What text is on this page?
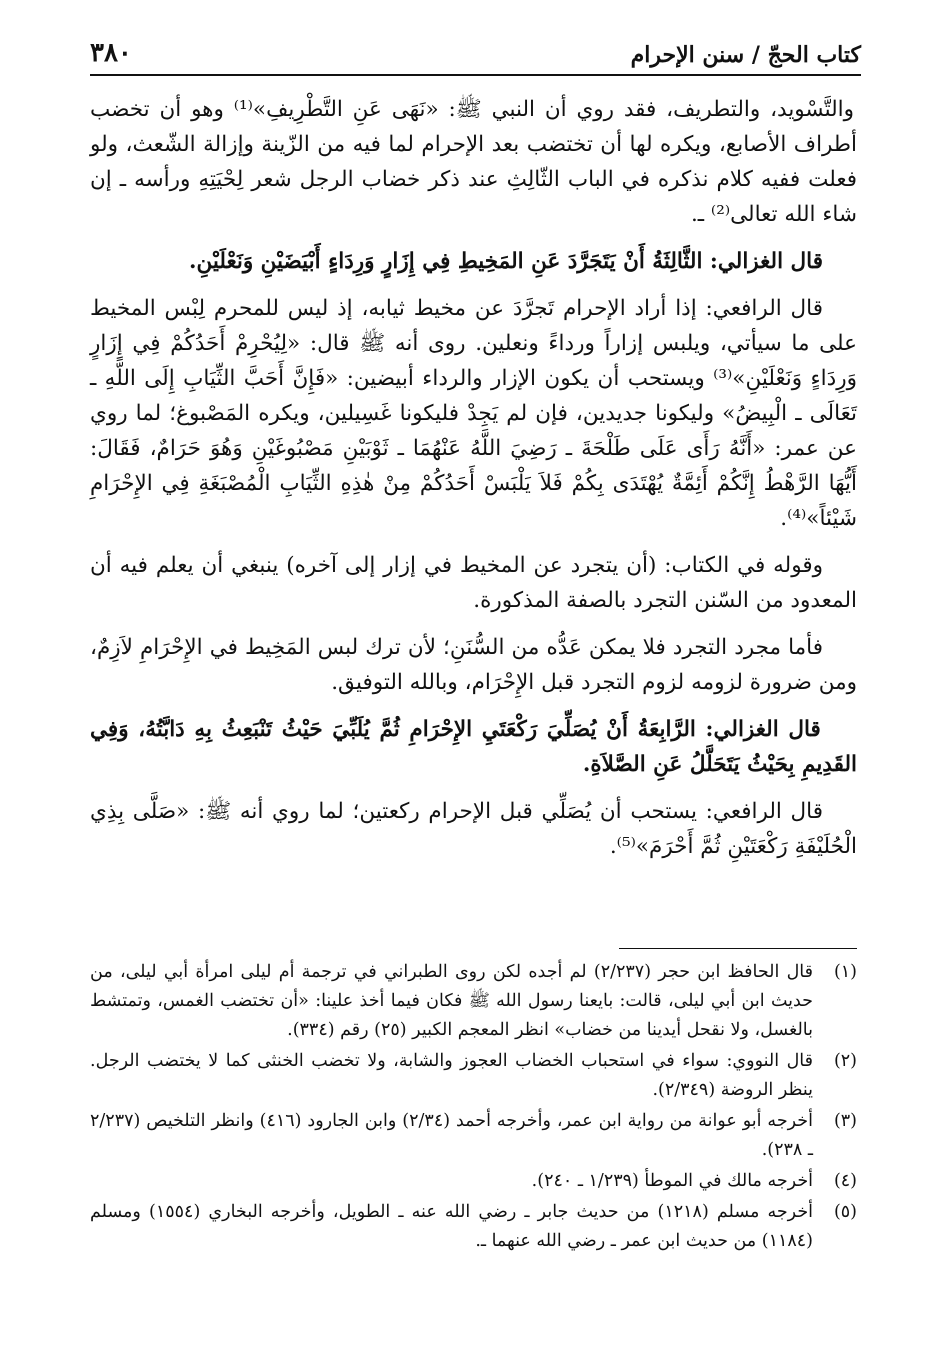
كتاب الحجّ / سنن الإحرام
٣٨٠

والتَّسْويد، والتطريف، فقد روي أن النبي ﷺ: «نَهَى عَنِ التَّطْرِيفِ»⁽¹⁾ وهو أن تخضب أطراف الأصابع، ويكره لها أن تختضب بعد الإحرام لما فيه من الزّينة وإزالة الشّعث، ولو فعلت ففيه كلام نذكره في الباب الثّالِثِ عند ذكر خضاب الرجل شعر لِحْيَتِهِ ورأسه ـ إن شاء الله تعالى⁽²⁾ ـ.

قال الغزالي: الثَّالِثَةُ أَنْ يَتَجَرَّدَ عَنِ المَخِيطِ فِي إِزَارٍ وَرِدَاءٍ أَبْيَضَيْنِ وَنَعْلَيْنِ.

قال الرافعي: إذا أراد الإحرام تَجرَّدَ عن مخيط ثيابه، إذ ليس للمحرم لِبْس المخيط على ما سيأتي، ويلبس إزاراً ورداءً ونعلين. روى أنه ﷺ قال: «لِيُحْرِمْ أَحَدُكُمْ فِي إِزَارٍ وَرِدَاءٍ وَنَعْلَيْنِ»⁽³⁾ ويستحب أن يكون الإزار والرداء أبيضين: «فَإِنَّ أَحَبَّ الثِّيَابِ إِلَى اللَّهِ ـ تَعَالَى ـ الْبِيضُ» وليكونا جديدين، فإن لم يَجِدْ فليكونا غَسِيلين، ويكره المَصْبوغ؛ لما روي عن عمر: «أَنَّهُ رَأَى عَلَى طَلْحَةَ ـ رَضِيَ اللَّهُ عَنْهُمَا ـ ثَوْبَيْنِ مَصْبُوغَيْنِ وَهُوَ حَرَامٌ، فَقَالَ: أَيُّهَا الرَّهْطُ إِنَّكُمْ أَئِمَّةٌ يُهْتَدَى بِكُمْ فَلاَ يَلْبَسْ أَحَدُكُمْ مِنْ هٰذِهِ الثِّيَابِ الْمُصْبَغَةِ فِي الإِحْرَامِ شَيْئاً»⁽⁴⁾.

وقوله في الكتاب: (أن يتجرد عن المخيط في إزار إلى آخره) ينبغي أن يعلم فيه أن المعدود من السّنن التجرد بالصفة المذكورة.

فأما مجرد التجرد فلا يمكن عَدُّه من السُّنَنِ؛ لأن ترك لبس المَخِيط في الإِحْرَامِ لاَزِمٌ، ومن ضرورة لزومه لزوم التجرد قبل الإِحْرَام، وبالله التوفيق.

قال الغزالي: الرَّابِعَةُ أَنْ يُصَلِّيَ رَكْعَتَيِ الإِحْرَامِ ثُمَّ يُلَبِّيَ حَيْثُ تَنْبَعِثُ بِهِ دَابَّتُهُ، وَفِي القَدِيمِ بِحَيْثُ يَتَحَلَّلُ عَنِ الصَّلاَةِ.

قال الرافعي: يستحب أن يُصَلِّي قبل الإحرام ركعتين؛ لما روي أنه ﷺ: «صَلَّى بِذِي الْحُلَيْفَةِ رَكْعَتَيْنِ ثُمَّ أَحْرَمَ»⁽⁵⁾.

(١)
قال الحافظ ابن حجر (٢/٢٣٧) لم أجده لكن روى الطبراني في ترجمة أم ليلى امرأة أبي ليلى، من حديث ابن أبي ليلى، قالت: بايعنا رسول الله ﷺ فكان فيما أخذ علينا: «أن تختضب الغمس، وتمتشط بالغسل، ولا نقحل أيدينا من خضاب» انظر المعجم الكبير (٢٥) رقم (٣٣٤).
(٢)
قال النووي: سواء في استحباب الخضاب العجوز والشابة، ولا تخضب الخنثى كما لا يختضب الرجل. ينظر الروضة (٢/٣٤٩).
(٣)
أخرجه أبو عوانة من رواية ابن عمر، وأخرجه أحمد (٢/٣٤) وابن الجارود (٤١٦) وانظر التلخيص (٢/٢٣٧ ـ ٢٣٨).
(٤)
أخرجه مالك في الموطأ (١/٢٣٩ ـ ٢٤٠).
(٥)
أخرجه مسلم (١٢١٨) من حديث جابر ـ رضي الله عنه ـ الطويل، وأخرجه البخاري (١٥٥٤) ومسلم (١١٨٤) من حديث ابن عمر ـ رضي الله عنهما ـ.
